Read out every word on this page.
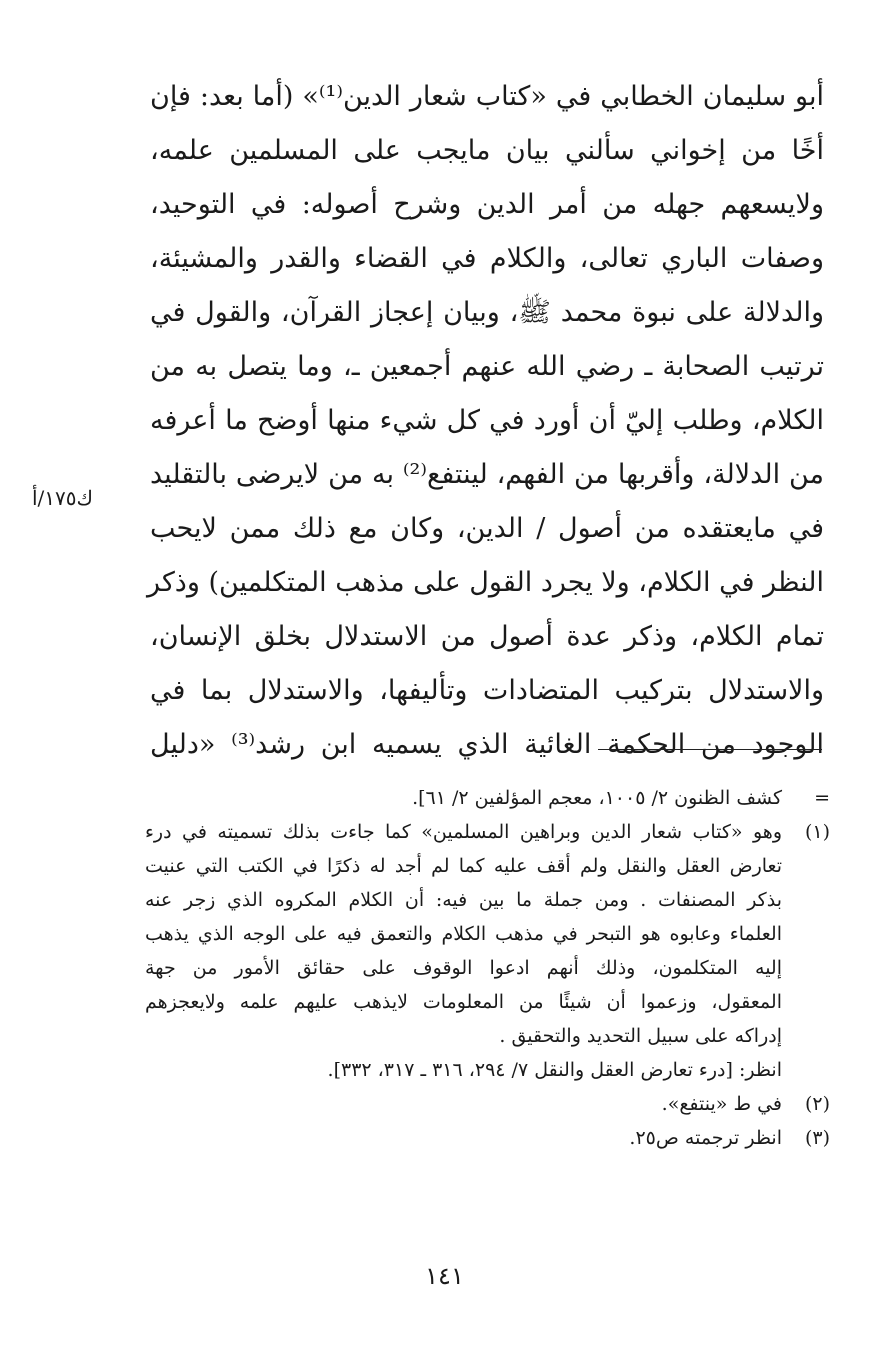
أبو سليمان الخطابي في «كتاب شعار الدين⁽¹⁾» (أما بعد: فإن
أخًا من إخواني سألني بيان مايجب على المسلمين علمه،
ولايسعهم جهله من أمر الدين وشرح أصوله: في التوحيد،
وصفات الباري تعالى، والكلام في القضاء والقدر والمشيئة،
والدلالة على نبوة محمد ﷺ، وبيان إعجاز القرآن، والقول في
ترتيب الصحابة ـ رضي الله عنهم أجمعين ـ، وما يتصل به من
الكلام، وطلب إليّ أن أورد في كل شيء منها أوضح ما أعرفه
من الدلالة، وأقربها من الفهم، لينتفع⁽²⁾ به من لايرضى بالتقليد
في مايعتقده من أصول / الدين، وكان مع ذلك ممن لايحب
النظر في الكلام، ولا يجرد القول على مذهب المتكلمين) وذكر
تمام الكلام، وذكر عدة أصول من الاستدلال بخلق الإنسان،
والاستدلال بتركيب المتضادات وتأليفها، والاستدلال بما في
الوجود من الحكمة الغائية الذي يسميه ابن رشد⁽³⁾ «دليل
ك١٧٥/أ
=
كشف الظنون ٢/ ١٠٠٥، معجم المؤلفين ٢/ ٦١].
(١)
وهو «كتاب شعار الدين وبراهين المسلمين» كما جاءت بذلك تسميته في درء
تعارض العقل والنقل ولم أقف عليه كما لم أجد له ذكرًا في الكتب التي عنيت
بذكر المصنفات . ومن جملة ما بين فيه: أن الكلام المكروه الذي زجر عنه
العلماء وعابوه هو التبحر في مذهب الكلام والتعمق فيه على الوجه الذي يذهب
إليه المتكلمون، وذلك أنهم ادعوا الوقوف على حقائق الأمور من جهة
المعقول، وزعموا أن شيئًا من المعلومات لايذهب عليهم علمه ولايعجزهم
إدراكه على سبيل التحديد والتحقيق .
انظر: [درء تعارض العقل والنقل ٧/ ٢٩٤، ٣١٦ ـ ٣١٧، ٣٣٢].
(٢)
في ط «ينتفع».
(٣)
انظر ترجمته ص٢٥.
١٤١
